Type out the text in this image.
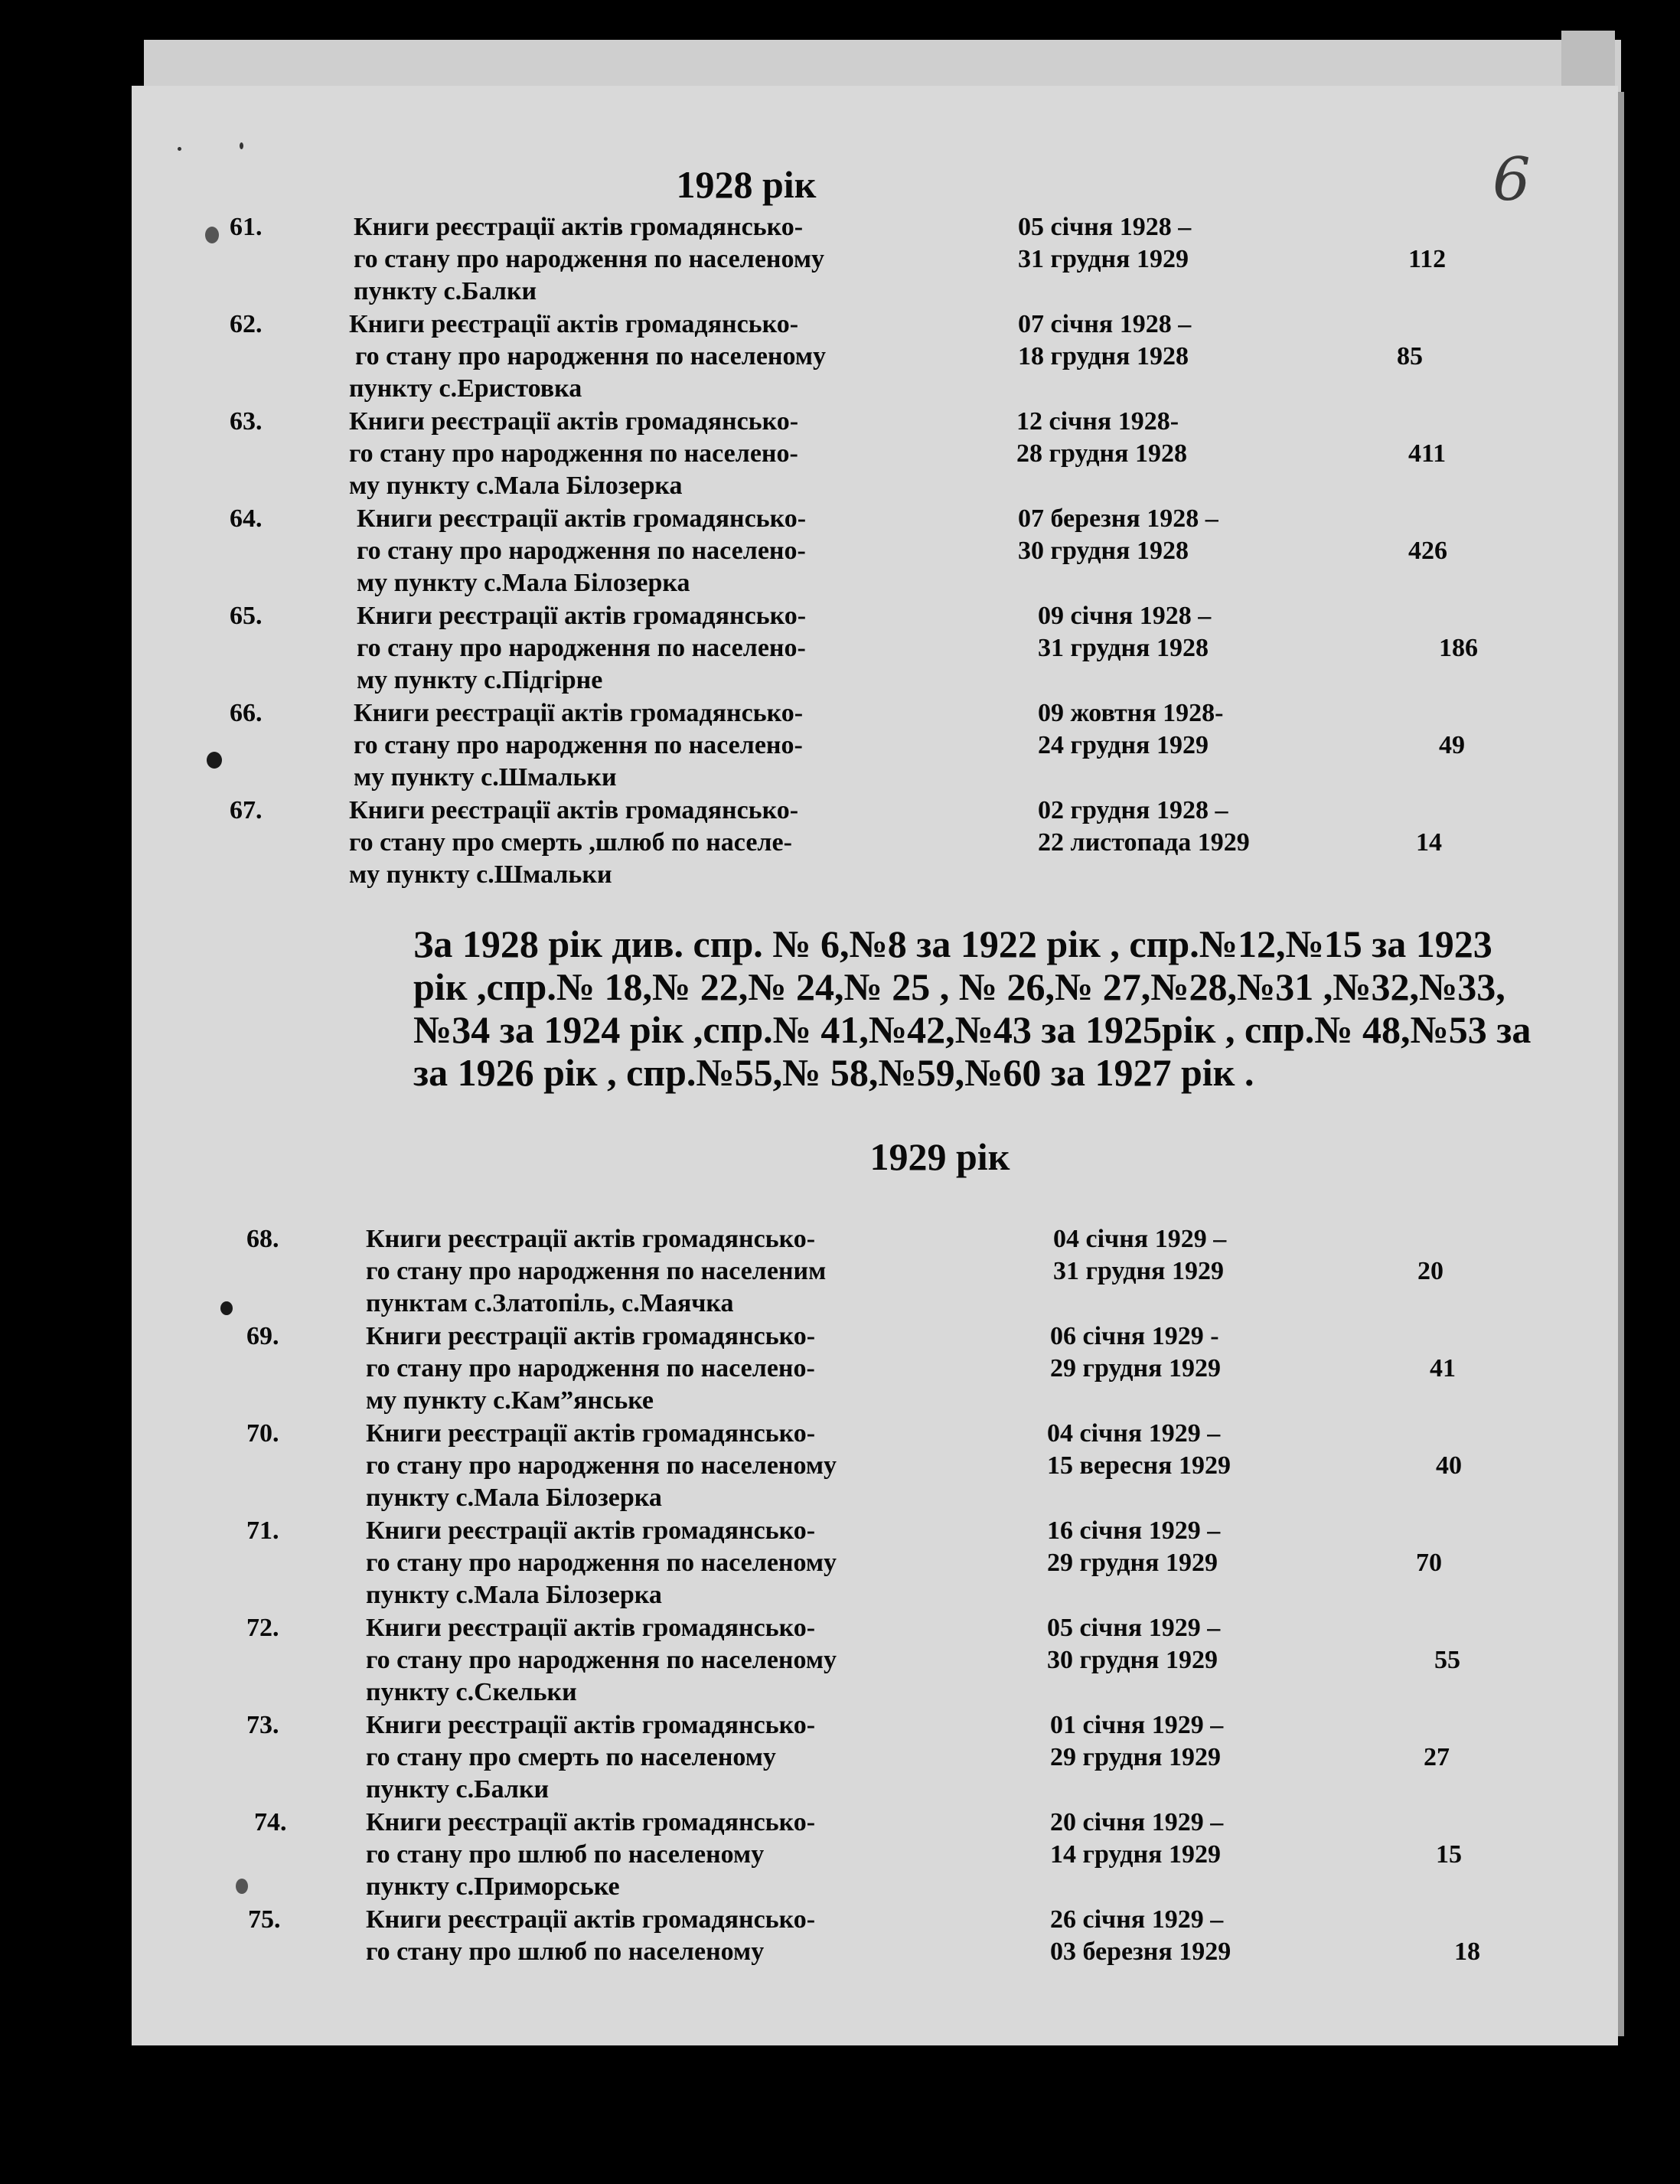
6
1928 рік
1929 рік
61.	Книги реєстрації актів громадянсько-
го стану про народження по населеному
пункту с.Балки
05 січня 1928 –
31 грудня 1929	112
62.	Книги реєстрації актів громадянсько-
го стану про народження по населеному
пункту с.Еристовка
07 січня 1928 –
18 грудня 1928	85
63.	Книги реєстрації актів громадянсько-
го стану про народження по населено-
му пункту с.Мала Білозерка
12 січня 1928-
28 грудня 1928	411
64.	Книги реєстрації актів громадянсько-
го стану про народження по населено-
му пункту с.Мала Білозерка
07 березня 1928 –
30 грудня 1928	426
65.	Книги реєстрації актів громадянсько-
го стану про народження по населено-
му пункту с.Підгірне
09 січня 1928 –
31 грудня 1928	186
66.	Книги реєстрації актів громадянсько-
го стану про народження по населено-
му пункту с.Шмальки
09 жовтня 1928-
24 грудня 1929	49
67.	Книги реєстрації актів громадянсько-
го стану про смерть ,шлюб по населе-
му пункту с.Шмальки
02 грудня 1928 –
22 листопада 1929	14
За 1928 рік див. спр. № 6,№8 за 1922 рік , спр.№12,№15 за 1923
рік ,спр.№ 18,№ 22,№ 24,№ 25 , № 26,№ 27,№28,№31 ,№32,№33,
№34 за 1924 рік ,спр.№ 41,№42,№43 за 1925рік , спр.№ 48,№53 за
за 1926 рік , спр.№55,№ 58,№59,№60 за 1927 рік .
68.	Книги реєстрації актів громадянсько-
го стану про народження по населеним
пунктам с.Златопіль, с.Маячка
04 січня 1929 –
31 грудня 1929	20
69.	Книги реєстрації актів громадянсько-
го стану про народження по населено-
му пункту с.Кам”янське
06 січня 1929 -
29 грудня 1929	41
70.	Книги реєстрації актів громадянсько-
го стану про народження по населеному
пункту с.Мала Білозерка
04 січня 1929 –
15 вересня 1929	40
71.	Книги реєстрації актів громадянсько-
го стану про народження по населеному
пункту с.Мала Білозерка
16 січня 1929 –
29 грудня 1929	70
72.	Книги реєстрації актів громадянсько-
го стану про народження по населеному
пункту с.Скельки
05 січня 1929 –
30 грудня 1929	55
73.	Книги реєстрації актів громадянсько-
го стану про смерть по населеному
пункту с.Балки
01 січня 1929 –
29 грудня 1929	27
74.	Книги реєстрації актів громадянсько-
го стану про шлюб по населеному
пункту с.Приморське
20 січня 1929 –
14 грудня 1929	15
75.	Книги реєстрації актів громадянсько-
го стану про шлюб по населеному
26 січня 1929 –
03 березня 1929	18
